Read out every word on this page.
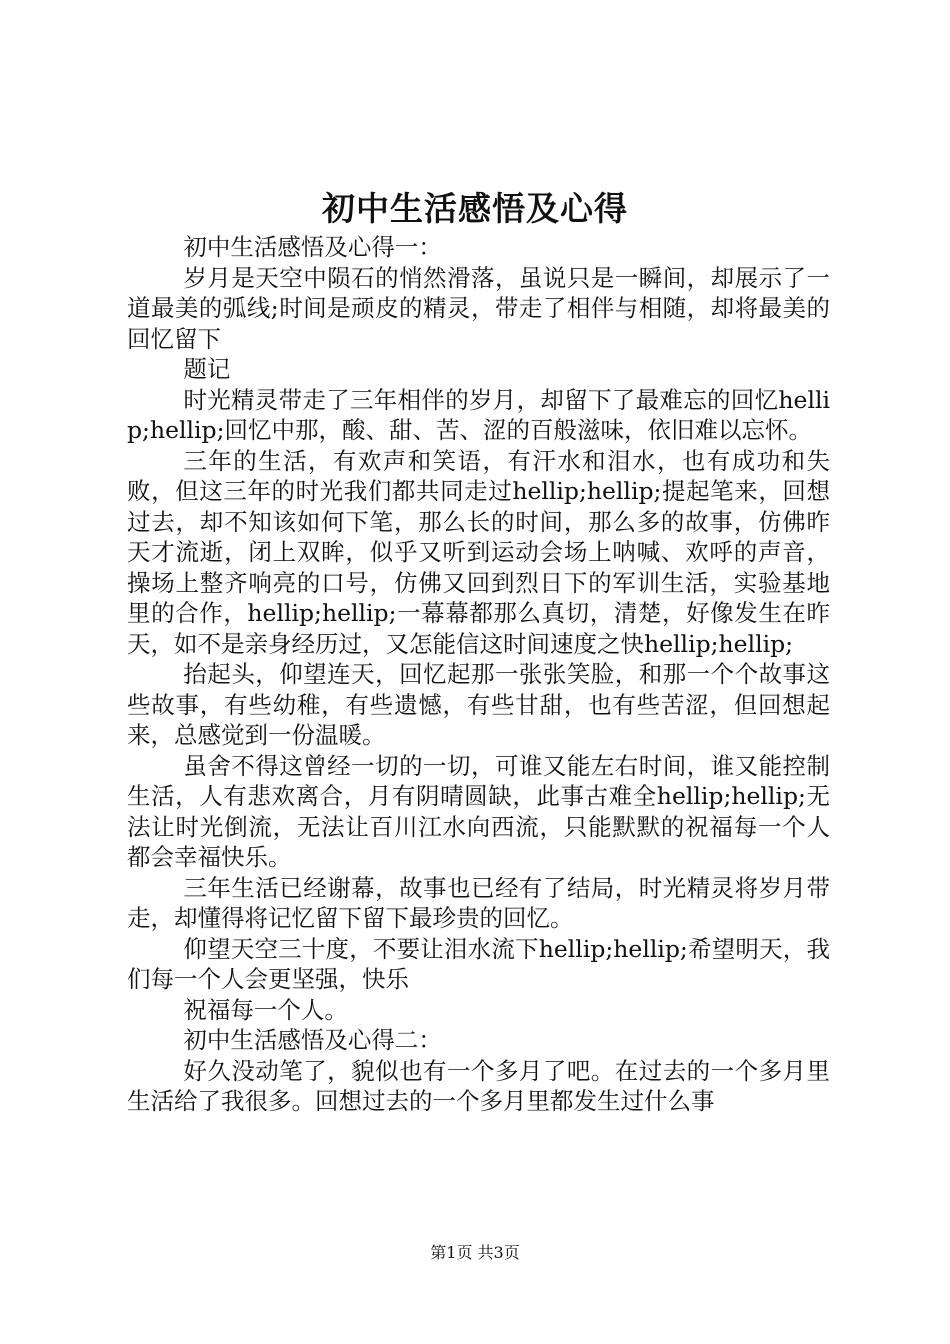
初中生活感悟及心得

初中生活感悟及心得一：

岁月是天空中陨石的悄然滑落，虽说只是一瞬间，却展示了一道最美的弧线;时间是顽皮的精灵，带走了相伴与相随，却将最美的回忆留下

题记

时光精灵带走了三年相伴的岁月，却留下了最难忘的回忆hellip;hellip;回忆中那，酸、甜、苦、涩的百般滋味，依旧难以忘怀。

三年的生活，有欢声和笑语，有汗水和泪水，也有成功和失败，但这三年的时光我们都共同走过hellip;hellip;提起笔来，回想过去，却不知该如何下笔，那么长的时间，那么多的故事，仿佛昨天才流逝，闭上双眸，似乎又听到运动会场上呐喊、欢呼的声音，操场上整齐响亮的口号，仿佛又回到烈日下的军训生活，实验基地里的合作，hellip;hellip;一幕幕都那么真切，清楚，好像发生在昨天，如不是亲身经历过，又怎能信这时间速度之快hellip;hellip;

抬起头，仰望连天，回忆起那一张张笑脸，和那一个个故事这些故事，有些幼稚，有些遗憾，有些甘甜，也有些苦涩，但回想起来，总感觉到一份温暖。

虽舍不得这曾经一切的一切，可谁又能左右时间，谁又能控制生活，人有悲欢离合，月有阴晴圆缺，此事古难全hellip;hellip;无法让时光倒流，无法让百川江水向西流，只能默默的祝福每一个人都会幸福快乐。

三年生活已经谢幕，故事也已经有了结局，时光精灵将岁月带走，却懂得将记忆留下留下最珍贵的回忆。

仰望天空三十度，不要让泪水流下hellip;hellip;希望明天，我们每一个人会更坚强，快乐

祝福每一个人。

初中生活感悟及心得二：

好久没动笔了，貌似也有一个多月了吧。在过去的一个多月里生活给了我很多。回想过去的一个多月里都发生过什么事

第1页 共3页
